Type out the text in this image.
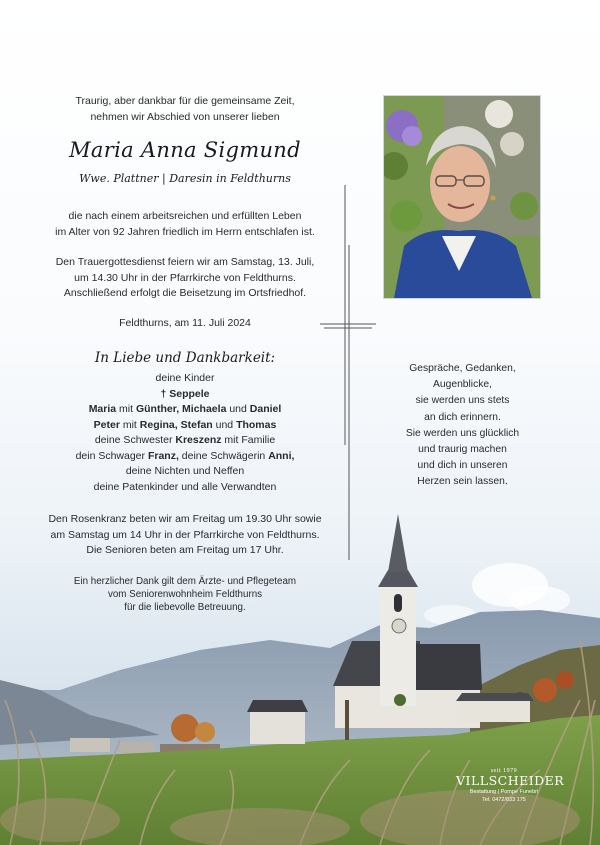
Traurig, aber dankbar für die gemeinsame Zeit,
nehmen wir Abschied von unserer lieben
Maria Anna Sigmund
Wwe. Plattner | Daresin in Feldthurns
die nach einem arbeitsreichen und erfüllten Leben
im Alter von 92 Jahren friedlich im Herrn entschlafen ist.
Den Trauergottesdienst feiern wir am Samstag, 13. Juli,
um 14.30 Uhr in der Pfarrkirche von Feldthurns.
Anschließend erfolgt die Beisetzung im Ortsfriedhof.
Feldthurns, am 11. Juli 2024
In Liebe und Dankbarkeit:
deine Kinder
† Seppele
Maria mit Günther, Michaela und Daniel
Peter mit Regina, Stefan und Thomas
deine Schwester Kreszenz mit Familie
dein Schwager Franz, deine Schwägerin Anni,
deine Nichten und Neffen
deine Patenkinder und alle Verwandten
Den Rosenkranz beten wir am Freitag um 19.30 Uhr sowie
am Samstag um 14 Uhr in der Pfarrkirche von Feldthurns.
Die Senioren beten am Freitag um 17 Uhr.
Ein herzlicher Dank gilt dem Ärzte- und Pflegeteam
vom Seniorenwohnheim Feldthurns
für die liebevolle Betreuung.
Gespräche, Gedanken,
Augenblicke,
sie werden uns stets
an dich erinnern.
Sie werden uns glücklich
und traurig machen
und dich in unseren
Herzen sein lassen.
seit 1979
VILLSCHEIDER
Bestattung | Pompe Funebri
Tel. 0472/833 175
